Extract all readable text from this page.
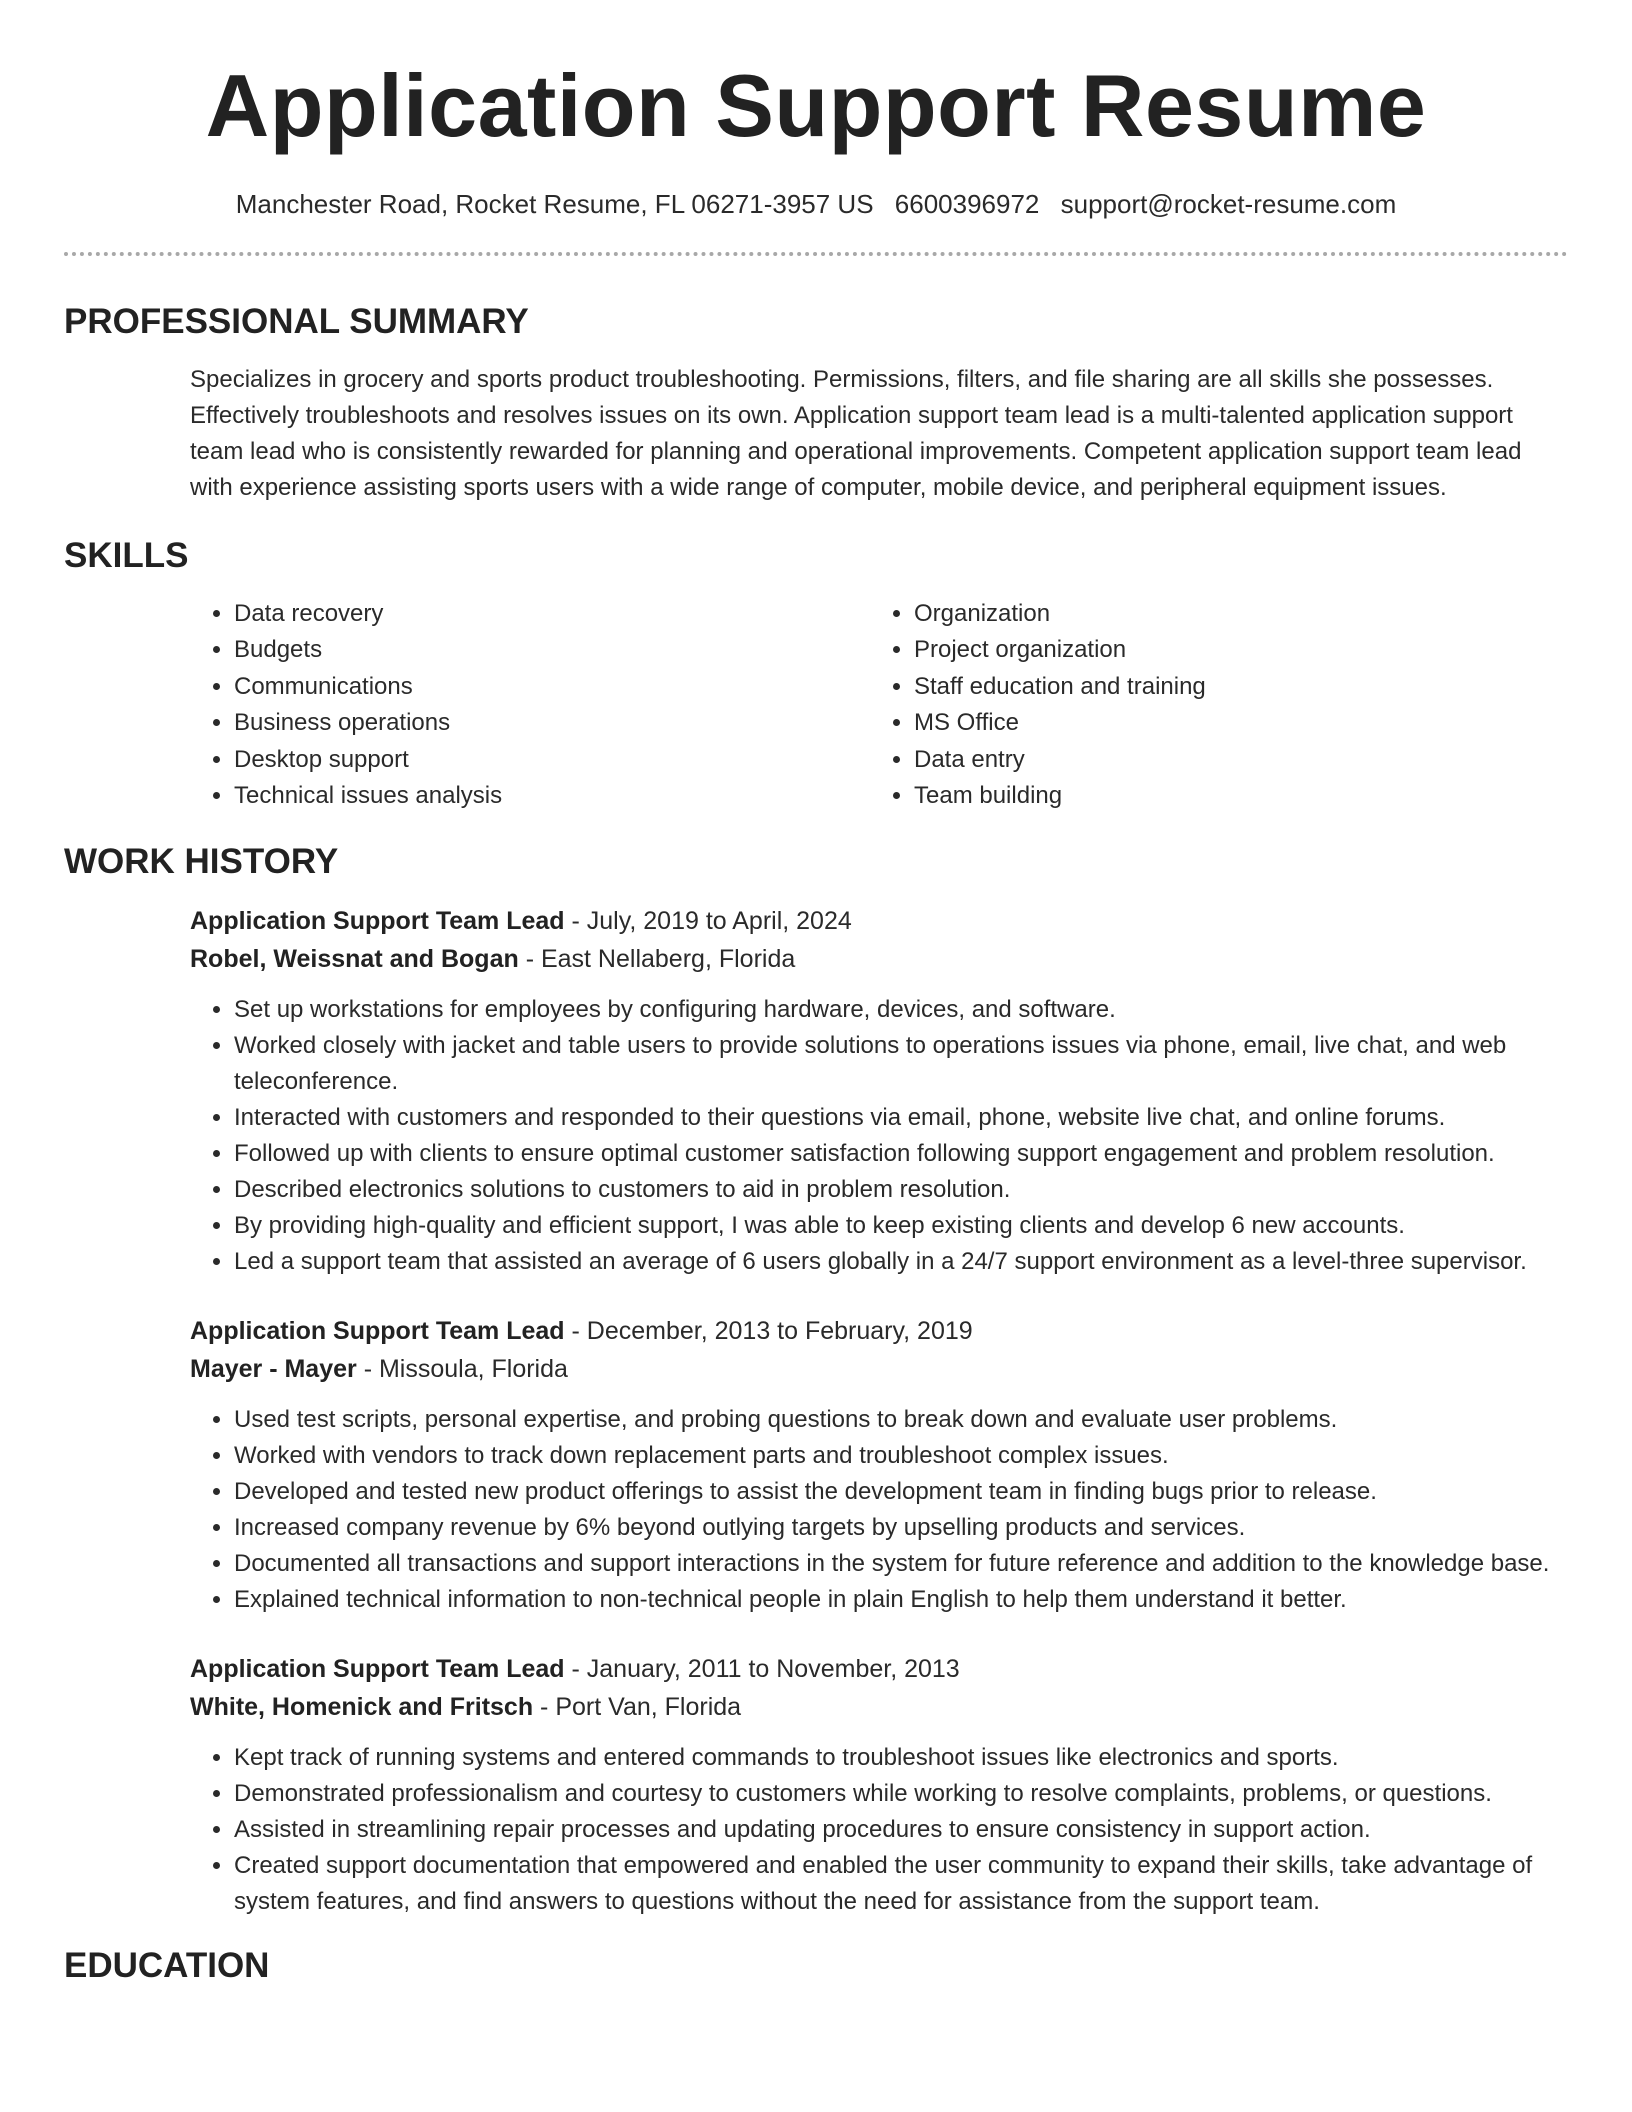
Application Support Resume
Manchester Road, Rocket Resume, FL 06271-3957 US 6600396972 support@rocket-resume.com
PROFESSIONAL SUMMARY
Specializes in grocery and sports product troubleshooting. Permissions, filters, and file sharing are all skills she possesses. Effectively troubleshoots and resolves issues on its own. Application support team lead is a multi-talented application support team lead who is consistently rewarded for planning and operational improvements. Competent application support team lead with experience assisting sports users with a wide range of computer, mobile device, and peripheral equipment issues.
SKILLS
• Data recovery
• Budgets
• Communications
• Business operations
• Desktop support
• Technical issues analysis
• Organization
• Project organization
• Staff education and training
• MS Office
• Data entry
• Team building
WORK HISTORY
Application Support Team Lead - July, 2019 to April, 2024
Robel, Weissnat and Bogan - East Nellaberg, Florida
• Set up workstations for employees by configuring hardware, devices, and software.
• Worked closely with jacket and table users to provide solutions to operations issues via phone, email, live chat, and web teleconference.
• Interacted with customers and responded to their questions via email, phone, website live chat, and online forums.
• Followed up with clients to ensure optimal customer satisfaction following support engagement and problem resolution.
• Described electronics solutions to customers to aid in problem resolution.
• By providing high-quality and efficient support, I was able to keep existing clients and develop 6 new accounts.
• Led a support team that assisted an average of 6 users globally in a 24/7 support environment as a level-three supervisor.
Application Support Team Lead - December, 2013 to February, 2019
Mayer - Mayer - Missoula, Florida
• Used test scripts, personal expertise, and probing questions to break down and evaluate user problems.
• Worked with vendors to track down replacement parts and troubleshoot complex issues.
• Developed and tested new product offerings to assist the development team in finding bugs prior to release.
• Increased company revenue by 6% beyond outlying targets by upselling products and services.
• Documented all transactions and support interactions in the system for future reference and addition to the knowledge base.
• Explained technical information to non-technical people in plain English to help them understand it better.
Application Support Team Lead - January, 2011 to November, 2013
White, Homenick and Fritsch - Port Van, Florida
• Kept track of running systems and entered commands to troubleshoot issues like electronics and sports.
• Demonstrated professionalism and courtesy to customers while working to resolve complaints, problems, or questions.
• Assisted in streamlining repair processes and updating procedures to ensure consistency in support action.
• Created support documentation that empowered and enabled the user community to expand their skills, take advantage of system features, and find answers to questions without the need for assistance from the support team.
EDUCATION
